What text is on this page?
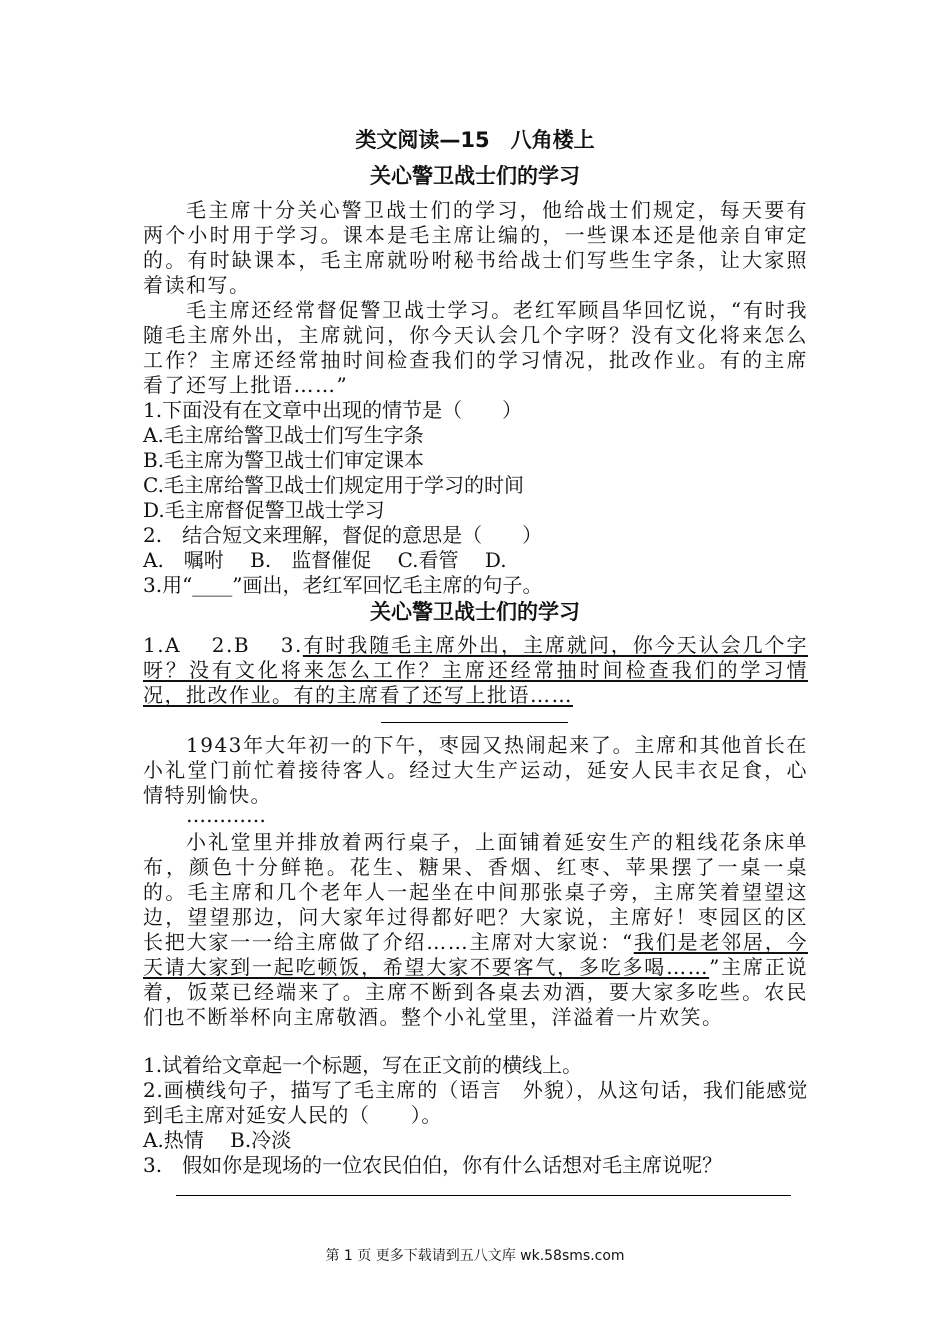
类文阅读—15　八角楼上
关心警卫战士们的学习
毛主席十分关心警卫战士们的学习，他给战士们规定，每天要有两个小时用于学习。课本是毛主席让编的，一些课本还是他亲自审定的。有时缺课本，毛主席就吩咐秘书给战士们写些生字条，让大家照着读和写。
毛主席还经常督促警卫战士学习。老红军顾昌华回忆说，“有时我随毛主席外出，主席就问，你今天认会几个字呀？没有文化将来怎么工作？主席还经常抽时间检查我们的学习情况，批改作业。有的主席看了还写上批语……”
1.下面没有在文章中出现的情节是（　　）
A.毛主席给警卫战士们写生字条
B.毛主席为警卫战士们审定课本
C.毛主席给警卫战士们规定用于学习的时间
D.毛主席督促警卫战士学习
2.　结合短文来理解，督促的意思是（　　）
A.　嘱咐　 B.　监督催促　 C.看管　 D.
3.用“____”画出，老红军回忆毛主席的句子。
关心警卫战士们的学习
1.A　 2.B　 3.有时我随毛主席外出，主席就问，你今天认会几个字呀？没有文化将来怎么工作？主席还经常抽时间检查我们的学习情况，批改作业。有的主席看了还写上批语……
1943年大年初一的下午，枣园又热闹起来了。主席和其他首长在小礼堂门前忙着接待客人。经过大生产运动，延安人民丰衣足食，心情特别愉快。
…………
小礼堂里并排放着两行桌子，上面铺着延安生产的粗线花条床单布，颜色十分鲜艳。花生、糖果、香烟、红枣、苹果摆了一桌一桌的。毛主席和几个老年人一起坐在中间那张桌子旁，主席笑着望望这边，望望那边，问大家年过得都好吧？大家说，主席好！枣园区的区长把大家一一给主席做了介绍……主席对大家说：“我们是老邻居，今天请大家到一起吃顿饭，希望大家不要客气，多吃多喝……”主席正说着，饭菜已经端来了。主席不断到各桌去劝酒，要大家多吃些。农民们也不断举杯向主席敬酒。整个小礼堂里，洋溢着一片欢笑。
1.试着给文章起一个标题，写在正文前的横线上。
2.画横线句子，描写了毛主席的（语言　外貌），从这句话，我们能感觉到毛主席对延安人民的（　　）。
A.热情　 B.冷淡
3.　假如你是现场的一位农民伯伯，你有什么话想对毛主席说呢？
第 1 页 更多下载请到五八文库 wk.58sms.com
